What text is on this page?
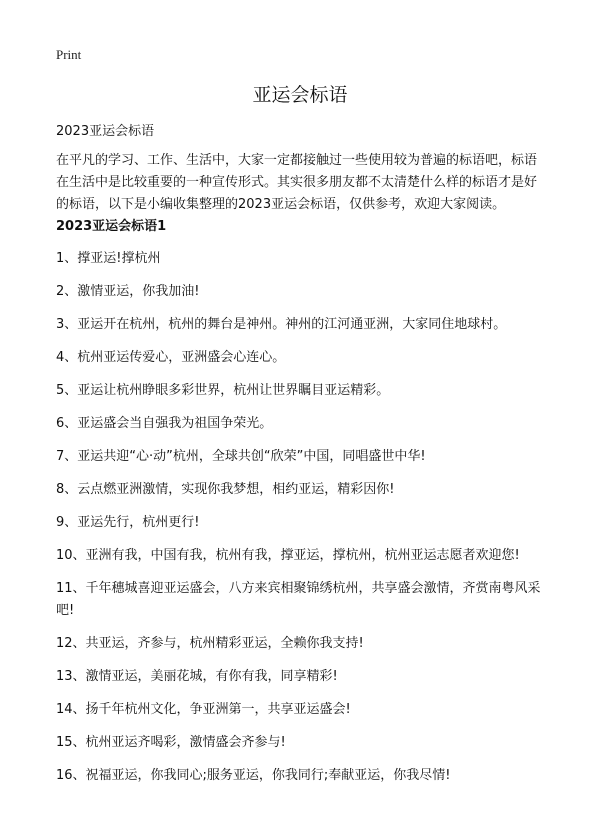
Print
亚运会标语
2023亚运会标语

在平凡的学习、工作、生活中，大家一定都接触过一些使用较为普遍的标语吧，标语在生活中是比较重要的一种宣传形式。其实很多朋友都不太清楚什么样的标语才是好的标语，以下是小编收集整理的2023亚运会标语，仅供参考，欢迎大家阅读。

2023亚运会标语1
1、撑亚运!撑杭州
2、激情亚运，你我加油!
3、亚运开在杭州，杭州的舞台是神州。神州的江河通亚洲，大家同住地球村。
4、杭州亚运传爱心，亚洲盛会心连心。
5、亚运让杭州睁眼多彩世界，杭州让世界瞩目亚运精彩。
6、亚运盛会当自强我为祖国争荣光。
7、亚运共迎“心·动”杭州，全球共创“欣荣”中国，同唱盛世中华!
8、云点燃亚洲激情，实现你我梦想，相约亚运，精彩因你!
9、亚运先行，杭州更行!
10、亚洲有我，中国有我，杭州有我，撑亚运，撑杭州，杭州亚运志愿者欢迎您!
11、千年穗城喜迎亚运盛会，八方来宾相聚锦绣杭州，共享盛会激情，齐赏南粤风采吧!
12、共亚运，齐参与，杭州精彩亚运，全赖你我支持!
13、激情亚运，美丽花城，有你有我，同享精彩!
14、扬千年杭州文化，争亚洲第一，共享亚运盛会!
15、杭州亚运齐喝彩，激情盛会齐参与!
16、祝福亚运，你我同心;服务亚运，你我同行;奉献亚运，你我尽情!
